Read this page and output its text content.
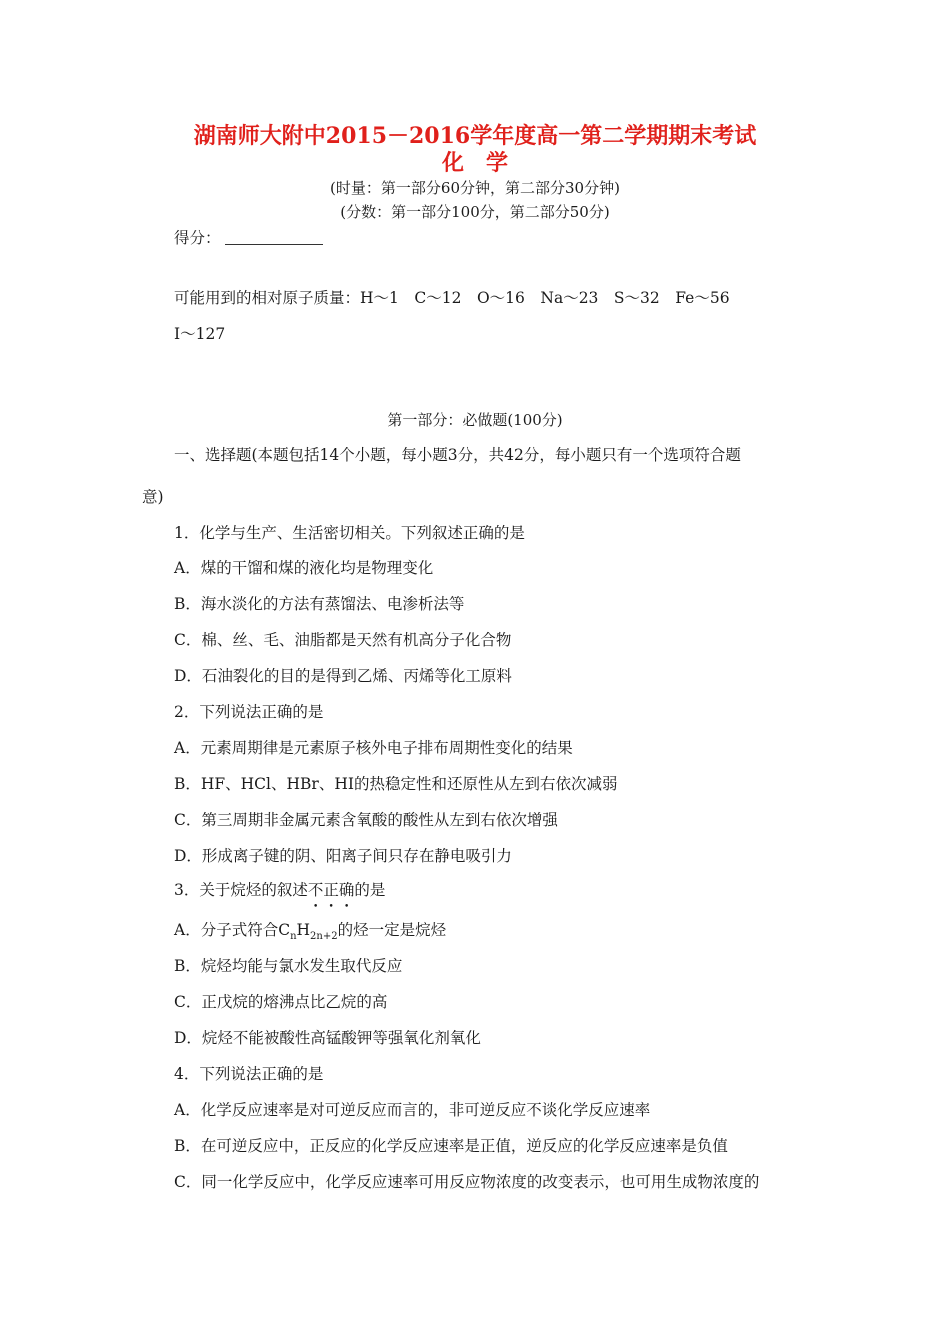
湖南师大附中2015－2016学年度高一第二学期期末考试
化　学
(时量：第一部分60分钟，第二部分30分钟)
(分数：第一部分100分，第二部分50分)
得分：
可能用到的相对原子质量：H～1　C～12　O～16　Na～23　S～32　Fe～56
I～127
第一部分：必做题(100分)
一、选择题(本题包括14个小题，每小题3分，共42分，每小题只有一个选项符合题
意)
1．化学与生产、生活密切相关。下列叙述正确的是
A．煤的干馏和煤的液化均是物理变化
B．海水淡化的方法有蒸馏法、电渗析法等
C．棉、丝、毛、油脂都是天然有机高分子化合物
D．石油裂化的目的是得到乙烯、丙烯等化工原料
2．下列说法正确的是
A．元素周期律是元素原子核外电子排布周期性变化的结果
B．HF、HCl、HBr、HI的热稳定性和还原性从左到右依次减弱
C．第三周期非金属元素含氧酸的酸性从左到右依次增强
D．形成离子键的阴、阳离子间只存在静电吸引力
3．关于烷烃的叙述不正确的是
A．分子式符合$C_nH_{2n+2}$的烃一定是烷烃
B．烷烃均能与氯水发生取代反应
C．正戊烷的熔沸点比乙烷的高
D．烷烃不能被酸性高锰酸钾等强氧化剂氧化
4．下列说法正确的是
A．化学反应速率是对可逆反应而言的，非可逆反应不谈化学反应速率
B．在可逆反应中，正反应的化学反应速率是正值，逆反应的化学反应速率是负值
C．同一化学反应中，化学反应速率可用反应物浓度的改变表示，也可用生成物浓度的
